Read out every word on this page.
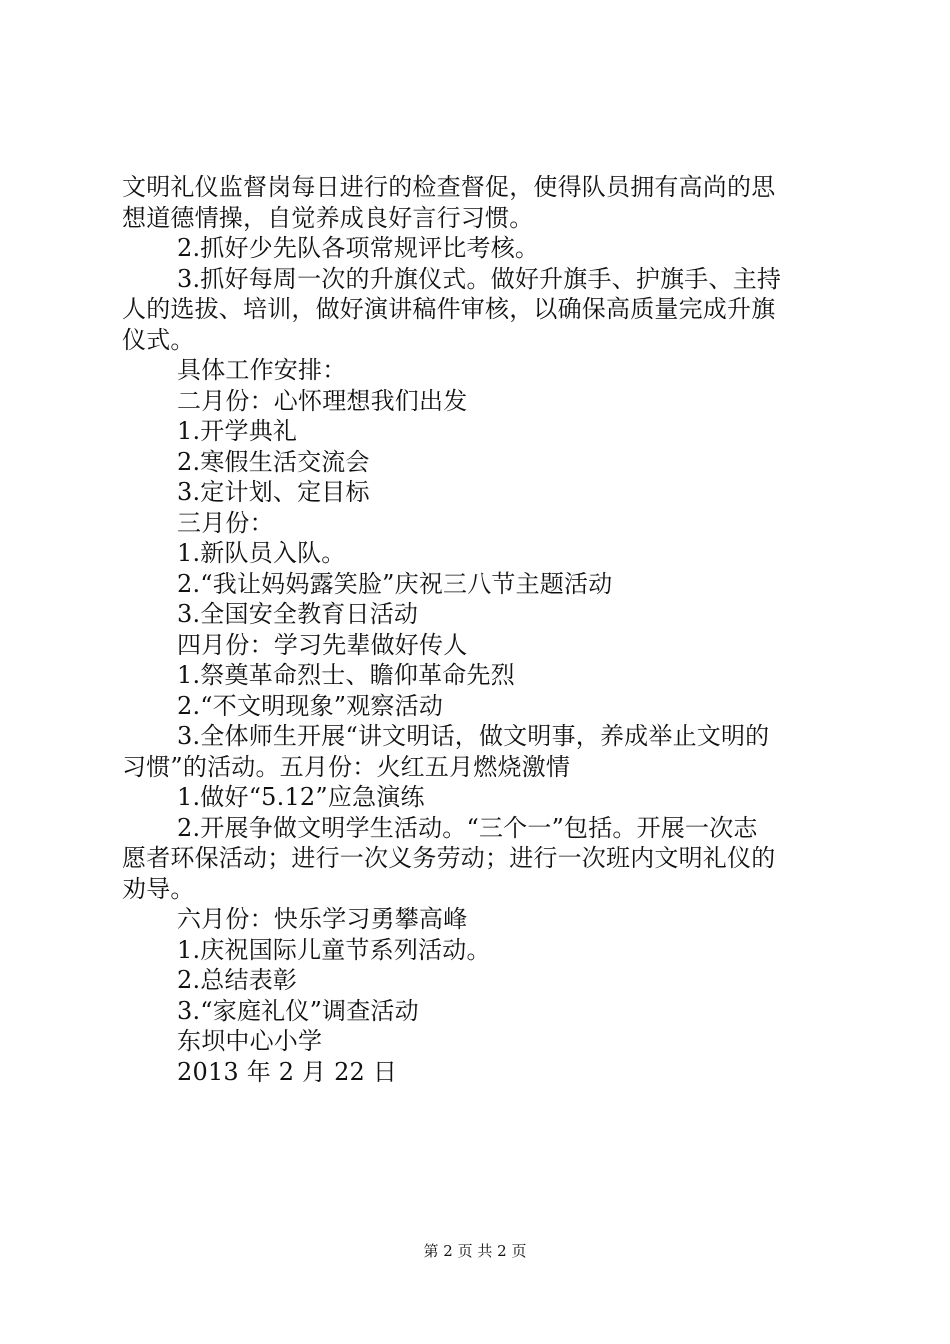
文明礼仪监督岗每日进行的检查督促，使得队员拥有高尚的思
想道德情操，自觉养成良好言行习惯。
2.抓好少先队各项常规评比考核。
3.抓好每周一次的升旗仪式。做好升旗手、护旗手、主持
人的选拔、培训，做好演讲稿件审核，以确保高质量完成升旗
仪式。
具体工作安排：
二月份：心怀理想我们出发
1.开学典礼
2.寒假生活交流会
3.定计划、定目标
三月份：
1.新队员入队。
2.“我让妈妈露笑脸”庆祝三八节主题活动
3.全国安全教育日活动
四月份：学习先辈做好传人
1.祭奠革命烈士、瞻仰革命先烈
2.“不文明现象”观察活动
3.全体师生开展“讲文明话，做文明事，养成举止文明的
习惯”的活动。五月份：火红五月燃烧激情
1.做好“5.12”应急演练
2.开展争做文明学生活动。“三个一”包括。开展一次志
愿者环保活动；进行一次义务劳动；进行一次班内文明礼仪的
劝导。
六月份：快乐学习勇攀高峰
1.庆祝国际儿童节系列活动。
2.总结表彰
3.“家庭礼仪”调查活动
东坝中心小学
2013 年 2 月 22 日
第 2 页 共 2 页
